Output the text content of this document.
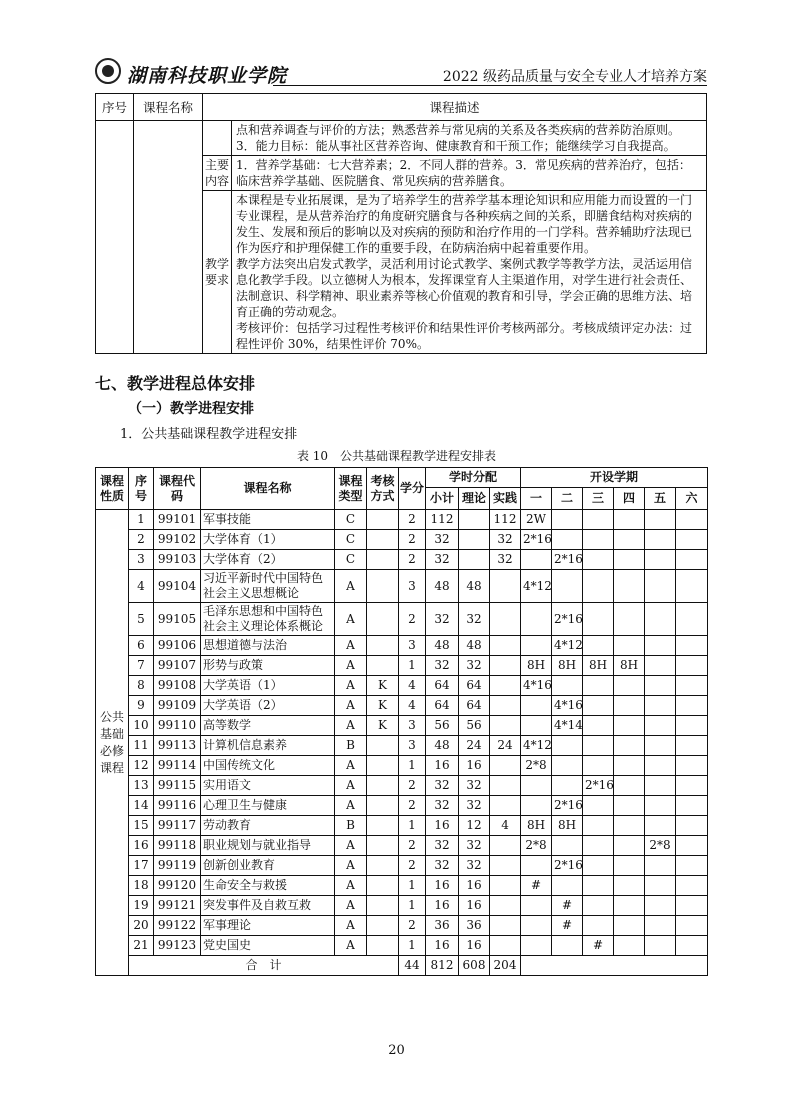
湖南科技职业学院	2022 级药品质量与安全专业人才培养方案
序号	课程名称	课程描述	

			点和营养调查与评价的方法；熟悉营养与常见病的关系及各类疾病的营养防治原则。
3．能力目标：能从事社区营养咨询、健康教育和干预工作；能继续学习自我提高。

		主要内容	1．营养学基础：七大营养素；2．不同人群的营养。3．常见疾病的营养治疗，包括：临床营养学基础、医院膳食、常见疾病的营养膳食。
		教学要求	本课程是专业拓展课，是为了培养学生的营养学基本理论知识和应用能力而设置的一门专业课程，是从营养治疗的角度研究膳食与各种疾病之间的关系，即膳食结构对疾病的发生、发展和预后的影响以及对疾病的预防和治疗作用的一门学科。营养辅助疗法现已作为医疗和护理保健工作的重要手段，在防病治病中起着重要作用。
教学方法突出启发式教学，灵活利用讨论式教学、案例式教学等教学方法，灵活运用信息化教学手段。以立德树人为根本，发挥课堂育人主渠道作用，对学生进行社会责任、法制意识、科学精神、职业素养等核心价值观的教育和引导，学会正确的思维方法、培育正确的劳动观念。
考核评价：包括学习过程性考核评价和结果性评价考核两部分。考核成绩评定办法：过程性评价 30%，结果性评价 70%。
七、教学进程总体安排
（一）教学进程安排
1．公共基础课程教学进程安排
表 10　公共基础课程教学进程安排表
课程性质	序号	课程代码	课程名称	课程类型	考核方式	学分	学时分配			开设学期					
							小计	理论	实践	一	二	三	四	五	六
公共基础必修课程	1	99101	军事技能	C		2	112		112	2W					
	2	99102	大学体育（1）	C		2	32		32	2*16					
	3	99103	大学体育（2）	C		2	32		32		2*16				
	4	99104	习近平新时代中国特色社会主义思想概论	A		3	48	48		4*12					
	5	99105	毛泽东思想和中国特色社会主义理论体系概论	A		2	32	32			2*16				
	6	99106	思想道德与法治	A		3	48	48			4*12				
	7	99107	形势与政策	A		1	32	32		8H	8H	8H	8H		
	8	99108	大学英语（1）	A	K	4	64	64		4*16					
	9	99109	大学英语（2）	A	K	4	64	64			4*16				
	10	99110	高等数学	A	K	3	56	56			4*14				
	11	99113	计算机信息素养	B		3	48	24	24	4*12					
	12	99114	中国传统文化	A		1	16	16		2*8					
	13	99115	实用语文	A		2	32	32				2*16			
	14	99116	心理卫生与健康	A		2	32	32			2*16				
	15	99117	劳动教育	B		1	16	12	4	8H	8H				
	16	99118	职业规划与就业指导	A		2	32	32		2*8				2*8	
	17	99119	创新创业教育	A		2	32	32			2*16				
	18	99120	生命安全与救援	A		1	16	16		#					
	19	99121	突发事件及自救互救	A		1	16	16			#				
	20	99122	军事理论	A		2	36	36			#				
	21	99123	党史国史	A		1	16	16				#			
	合　计					44	812	608	204						
20
